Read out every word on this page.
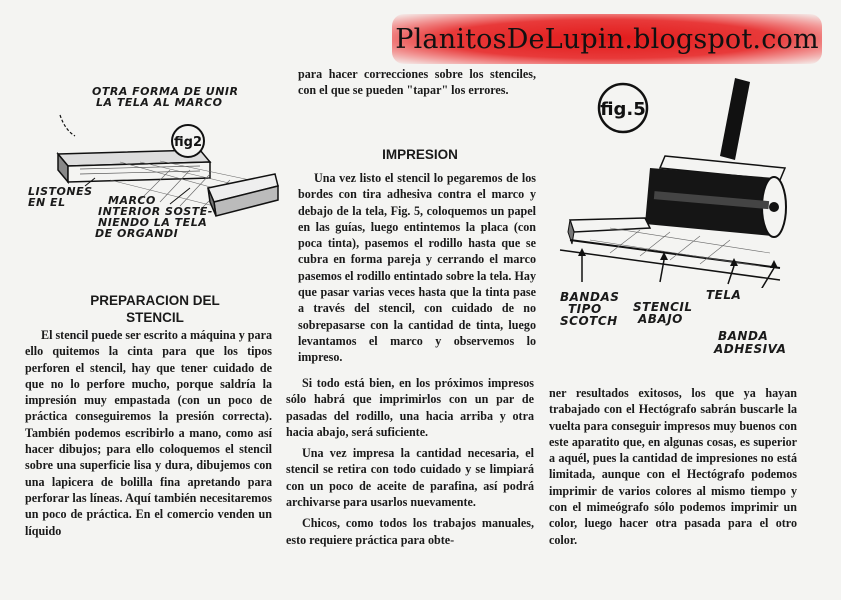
PlanitosDeLupin.blogspot.com
OTRA FORMA DE UNIR
LA TELA AL MARCO
fig2
LISTONES
EN EL	MARCO
INTERIOR SOSTE-
NIENDO LA TELA
DE ORGANDI
fig.5
BANDAS
TIPO
SCOTCH
STENCIL
ABAJO
TELA
BANDA
ADHESIVA
PREPARACION DEL
STENCIL

El stencil puede ser escrito a máquina y para ello quitemos la cinta para que los tipos perforen el stencil, hay que tener cuidado de que no lo perfore mucho, porque saldría la impresión muy empastada (con un poco de práctica conseguiremos la presión correcta). También podemos escribirlo a mano, como así hacer dibujos; para ello coloquemos el stencil sobre una superficie lisa y dura, dibujemos con una lapicera de bolilla fina apretando para perforar las líneas. Aquí también necesitaremos un poco de práctica. En el comercio venden un líquido

para hacer correcciones sobre los stenciles, con el que se pueden "tapar" los errores.

IMPRESION

Una vez listo el stencil lo pegaremos de los bordes con tira adhesiva contra el marco y debajo de la tela, Fig. 5, coloquemos un papel en las guías, luego entintemos la placa (con poca tinta), pasemos el rodillo hasta que se cubra en forma pareja y cerrando el marco pasemos el rodillo entintado sobre la tela. Hay que pasar varias veces hasta que la tinta pase a través del stencil, con cuidado de no sobrepasarse con la cantidad de tinta, luego levantamos el marco y observemos lo impreso.

Si todo está bien, en los próximos impresos sólo habrá que imprimirlos con un par de pasadas del rodillo, una hacia arriba y otra hacia abajo, será suficiente.

Una vez impresa la cantidad necesaria, el stencil se retira con todo cuidado y se limpiará con un poco de aceite de parafina, así podrá archivarse para usarlos nuevamente.

Chicos, como todos los trabajos manuales, esto requiere práctica para obte-

ner resultados exitosos, los que ya hayan trabajado con el Hectógrafo sabrán buscarle la vuelta para conseguir impresos muy buenos con este aparatito que, en algunas cosas, es superior a aquél, pues la cantidad de impresiones no está limitada, aunque con el Hectógrafo podemos imprimir de varios colores al mismo tiempo y con el mimeógrafo sólo podemos imprimir un color, luego hacer otra pasada para el otro color.
